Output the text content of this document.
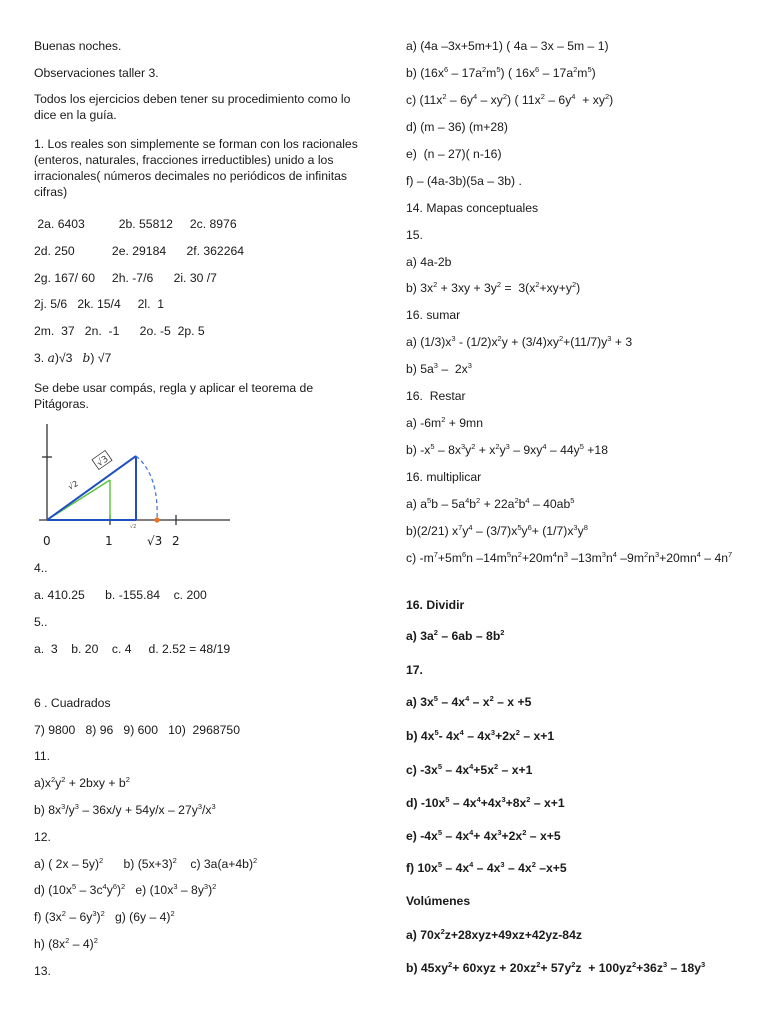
Buenas noches.
Observaciones taller 3.
Todos los ejercicios deben tener su procedimiento como lo dice en la guía.
1. Los reales son simplemente se forman con los racionales (enteros, naturales, fracciones irreductibles) unido a los irracionales( números decimales no periódicos de infinitas cifras)
2a. 6403          2b. 55812     2c. 8976
2d. 250           2e. 29184      2f. 362264
2g. 167/ 60     2h. -7/6      2i. 30 /7
2j. 5/6   2k. 15/4     2l.  1
2m.  37   2n.  -1      2o. -5  2p. 5
3. a)√3   b) √7
Se debe usar compás, regla y aplicar el teorema de Pitágoras.
4..
a. 410.25      b. -155.84    c. 200
5..
a.  3    b. 20    c. 4     d. 2.52 = 48/19
6 . Cuadrados
7) 9800   8) 96   9) 600   10)  2968750
11.
$a)x^2y^2 + 2bxy + b^2$
b) $8x^3/y^3 - 36x/y + 54y/x - 27y^3/x^3$
12.
a) ( 2x – 5y)$^2$      b) $(5x+3)^2$    c) $3a(a+4b)^2$
d) $(10x^5 - 3c^4y^6)^2$   e) $(10x^3 - 8y^3)^2$
f) $(3x^2 - 6y^3)^2$   g) (6y – 4)$^2$
h) $(8x^2 - 4)^2$
13.
a) (4a –3x+5m+1) ( 4a – 3x – 5m – 1)
b) $(16x^6 - 17a^2m^5)$ ( $16x^6 - 17a^2m^5$)
c) $(11x^2 - 6y^4 - xy^2)$ ( $11x^2 - 6y^4 + xy^2$)
d) (m – 36) (m+28)
e)  (n – 27)( n-16)
f) – (4a-3b)(5a – 3b) .
14. Mapas conceptuales
15.
a) 4a-2b
b) $3x^2 + 3xy + 3y^2 = 3(x^2+xy+y^2)$
16. sumar
a) $(1/3)x^3 - (1/2)x^2y + (3/4)xy^2+(11/7)y^3 + 3$
b) $5a^3 - 2x^3$
16.  Restar
a) $-6m^2 + 9mn$
b) $-x^5 - 8x^3y^2 + x^2y^3 - 9xy^4 - 44y^5 +18$
16. multiplicar
a) $a^5b - 5a^4b^2 + 22a^2b^4 - 40ab^5$
b)(2/21) $x^7y^4 - (3/7)x^5y^6+ (1/7)x^3y^8$
c) $-m^7+5m^6n$ $-14m^5n^2+20m^4n^3$ $-13m^3n^4$ $-9m^2n^3+20mn^4 - 4n^7$
16. Dividir
a) $3a^2 - 6ab - 8b^2$
17.
a) $3x^5 - 4x^4 - x^2 - x +5$
b) $4x^5-$ $4x^4 - 4x^3+2x^2 - x+1$
c) $-3x^5 - 4x^4+5x^2 - x+1$
d) $-10x^5 - 4x^4+4x^3+8x^2 - x+1$
e) $-4x^5 - 4x^4+ 4x^3+2x^2 - x+5$
f) $10x^5 - 4x^4 - 4x^3 - 4x^2$ –x+5
Volúmenes
a) $70x^2z+28xyz+49xz+42yz-84z$
b) $45xy^2+ 60xyz + 20xz^2+ 57y^2z + 100yz^2+36z^3 - 18y^3$
√2
√3
√2
0	1	√3 2
